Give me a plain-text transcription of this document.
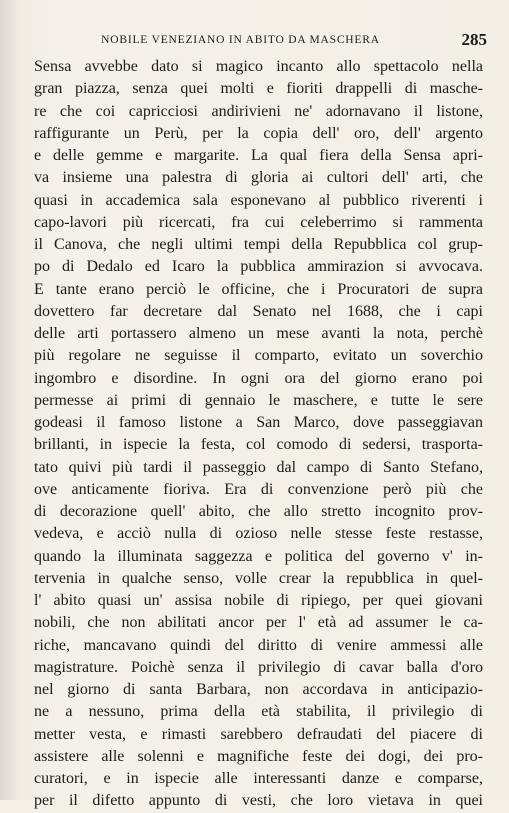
NOBILE VENEZIANO IN ABITO DA MASCHERA	285
Sensa avvebbe dato si magico incanto allo spettacolo nella
gran piazza, senza quei molti e fioriti drappelli di masche-
re che coi capricciosi andirivieni ne' adornavano il listone,
raffigurante un Perù, per la copia dell' oro, dell' argento
e delle gemme e margarite. La qual fiera della Sensa apri-
va insieme una palestra di gloria ai cultori dell' arti, che
quasi in accademica sala esponevano al pubblico riverenti i
capo-lavori più ricercati, fra cui celeberrimo si rammenta
il Canova, che negli ultimi tempi della Repubblica col grup-
po di Dedalo ed Icaro la pubblica ammirazion si avvocava.
E tante erano perciò le officine, che i Procuratori de supra
dovettero far decretare dal Senato nel 1688, che i capi
delle arti portassero almeno un mese avanti la nota, perchè
più regolare ne seguisse il comparto, evitato un soverchio
ingombro e disordine. In ogni ora del giorno erano poi
permesse ai primi di gennaio le maschere, e tutte le sere
godeasi il famoso listone a San Marco, dove passeggiavan
brillanti, in ispecie la festa, col comodo di sedersi, trasporta-
tato quivi più tardi il passeggio dal campo di Santo Stefano,
ove anticamente fioriva. Era di convenzione però più che
di decorazione quell' abito, che allo stretto incognito prov-
vedeva, e acciò nulla di ozioso nelle stesse feste restasse,
quando la illuminata saggezza e politica del governo v' in-
tervenia in qualche senso, volle crear la repubblica in quel-
l' abito quasi un' assisa nobile di ripiego, per quei giovani
nobili, che non abilitati ancor per l' età ad assumer le ca-
riche, mancavano quindi del diritto di venire ammessi alle
magistrature. Poichè senza il privilegio di cavar balla d'oro
nel giorno di santa Barbara, non accordava in anticipazio-
ne a nessuno, prima della età stabilita, il privilegio di
metter vesta, e rimasti sarebbero defraudati del piacere di
assistere alle solenni e magnifiche feste dei dogi, dei pro-
curatori, e in ispecie alle interessanti danze e comparse,
per il difetto appunto di vesti, che loro vietava in quei
